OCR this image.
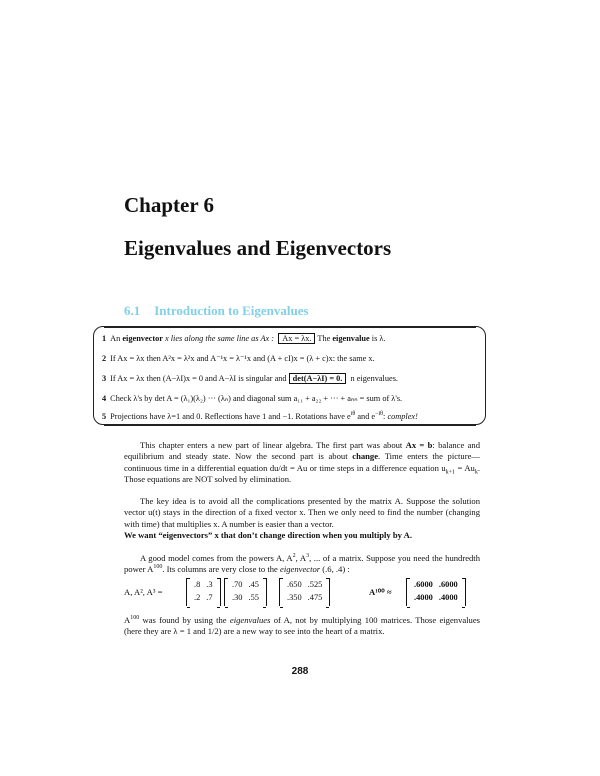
Chapter 6
Eigenvalues and Eigenvectors
6.1 Introduction to Eigenvalues
1 An eigenvector x lies along the same line as Ax : Ax = λx. The eigenvalue is λ.
2 If Ax = λx then A²x = λ²x and A⁻¹x = λ⁻¹x and (A + cI)x = (λ + c)x: the same x.
3 If Ax = λx then (A−λI)x = 0 and A−λI is singular and det(A−λI) = 0. n eigenvalues.
4 Check λ's by det A = (λ₁)(λ₂) ··· (λₙ) and diagonal sum a₁₁ + a₂₂ + ··· + aₙₙ = sum of λ's.
5 Projections have λ=1 and 0. Reflections have 1 and −1. Rotations have $e^{i\theta}$ and $e^{-i\theta}$: complex!

This chapter enters a new part of linear algebra. The first part was about Ax = b: balance and equilibrium and steady state. Now the second part is about change. Time enters the picture—continuous time in a differential equation du/dt = Au or time steps in a difference equation $u_{k+1} = Au_k$. Those equations are NOT solved by elimination.

The key idea is to avoid all the complications presented by the matrix A. Suppose the solution vector u(t) stays in the direction of a fixed vector x. Then we only need to find the number (changing with time) that multiplies x. A number is easier than a vector.
We want “eigenvectors” x that don’t change direction when you multiply by A.

A good model comes from the powers A, $A^2$, $A^3$, ... of a matrix. Suppose you need the hundredth power $A^{100}$. Its columns are very close to the eigenvector (.6, .4) :

A, A², A³ =
.8	.3
.2	.7
.70	.45
.30	.55
.650	.525
.350	.475
A¹⁰⁰ ≈
.6000	.6000
.4000	.4000

$A^{100}$ was found by using the eigenvalues of A, not by multiplying 100 matrices. Those eigenvalues (here they are λ = 1 and 1/2) are a new way to see into the heart of a matrix.

288
